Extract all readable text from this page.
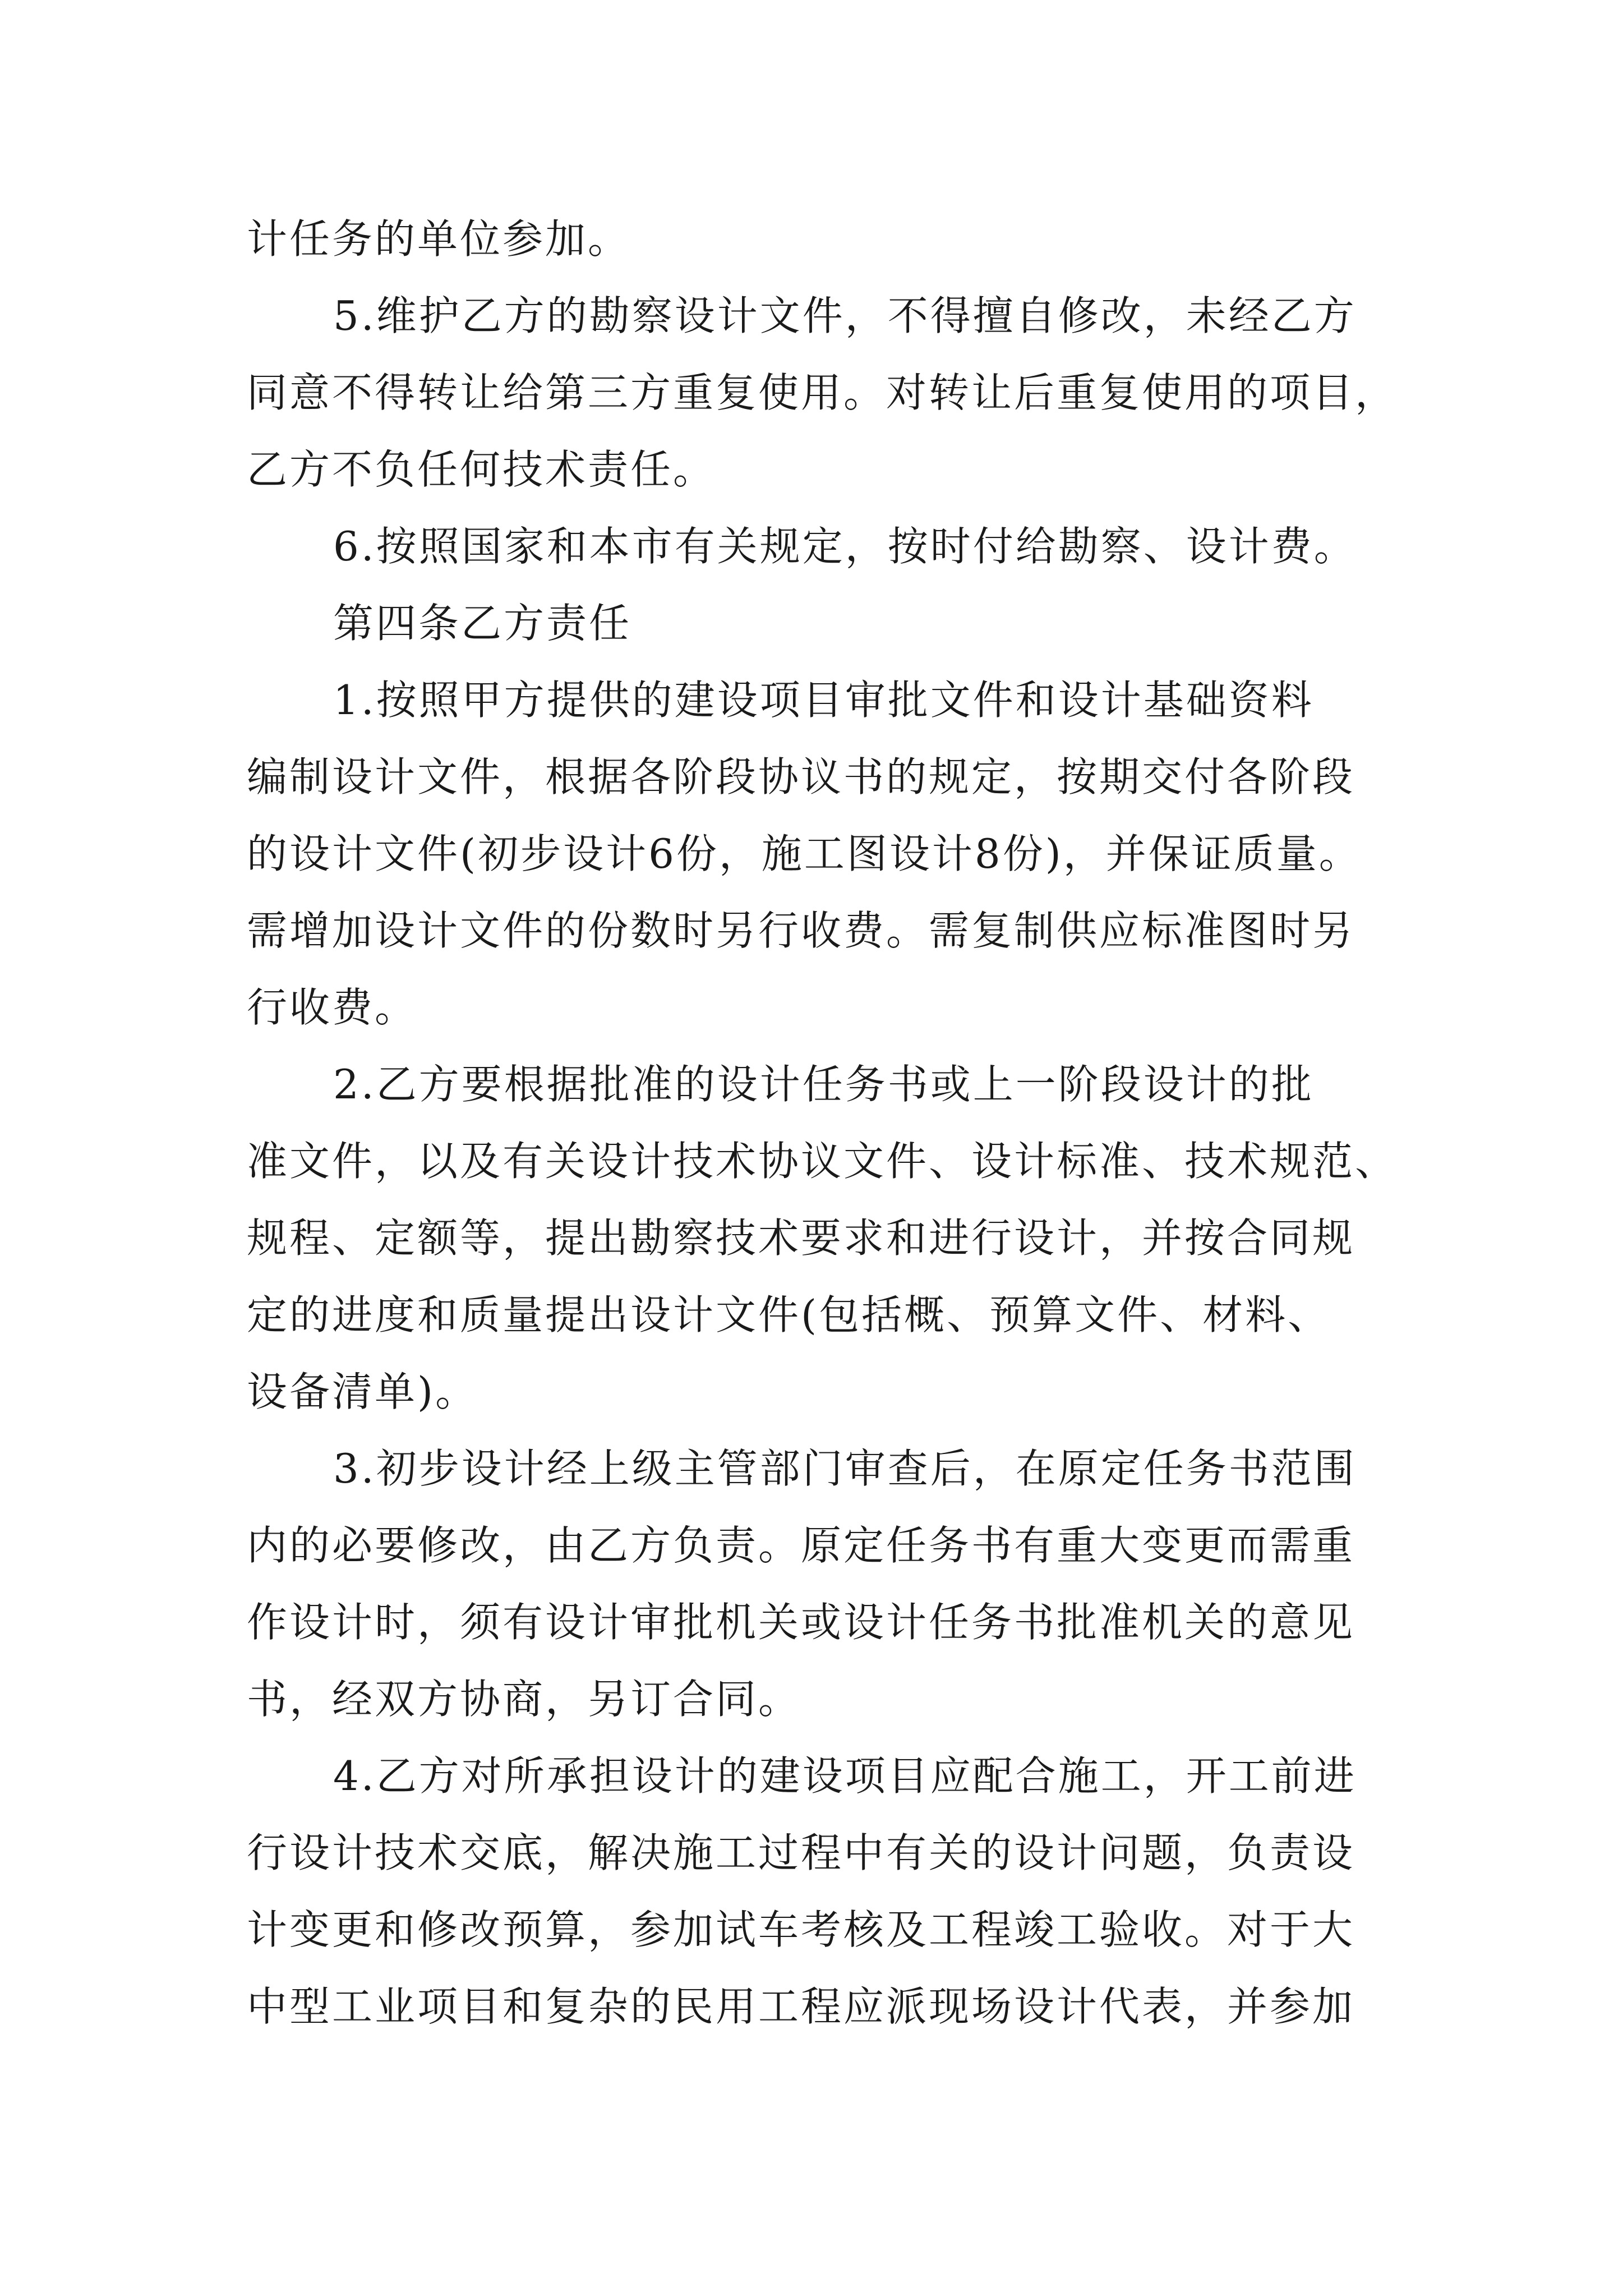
计任务的单位参加。
5.维护乙方的勘察设计文件，不得擅自修改，未经乙方
同意不得转让给第三方重复使用。对转让后重复使用的项目，
乙方不负任何技术责任。
6.按照国家和本市有关规定，按时付给勘察、设计费。
第四条乙方责任
1.按照甲方提供的建设项目审批文件和设计基础资料
编制设计文件，根据各阶段协议书的规定，按期交付各阶段
的设计文件(初步设计6份，施工图设计8份)，并保证质量。
需增加设计文件的份数时另行收费。需复制供应标准图时另
行收费。
2.乙方要根据批准的设计任务书或上一阶段设计的批
准文件，以及有关设计技术协议文件、设计标准、技术规范、
规程、定额等，提出勘察技术要求和进行设计，并按合同规
定的进度和质量提出设计文件(包括概、预算文件、材料、
设备清单)。
3.初步设计经上级主管部门审查后，在原定任务书范围
内的必要修改，由乙方负责。原定任务书有重大变更而需重
作设计时，须有设计审批机关或设计任务书批准机关的意见
书，经双方协商，另订合同。
4.乙方对所承担设计的建设项目应配合施工，开工前进
行设计技术交底，解决施工过程中有关的设计问题，负责设
计变更和修改预算，参加试车考核及工程竣工验收。对于大
中型工业项目和复杂的民用工程应派现场设计代表，并参加
